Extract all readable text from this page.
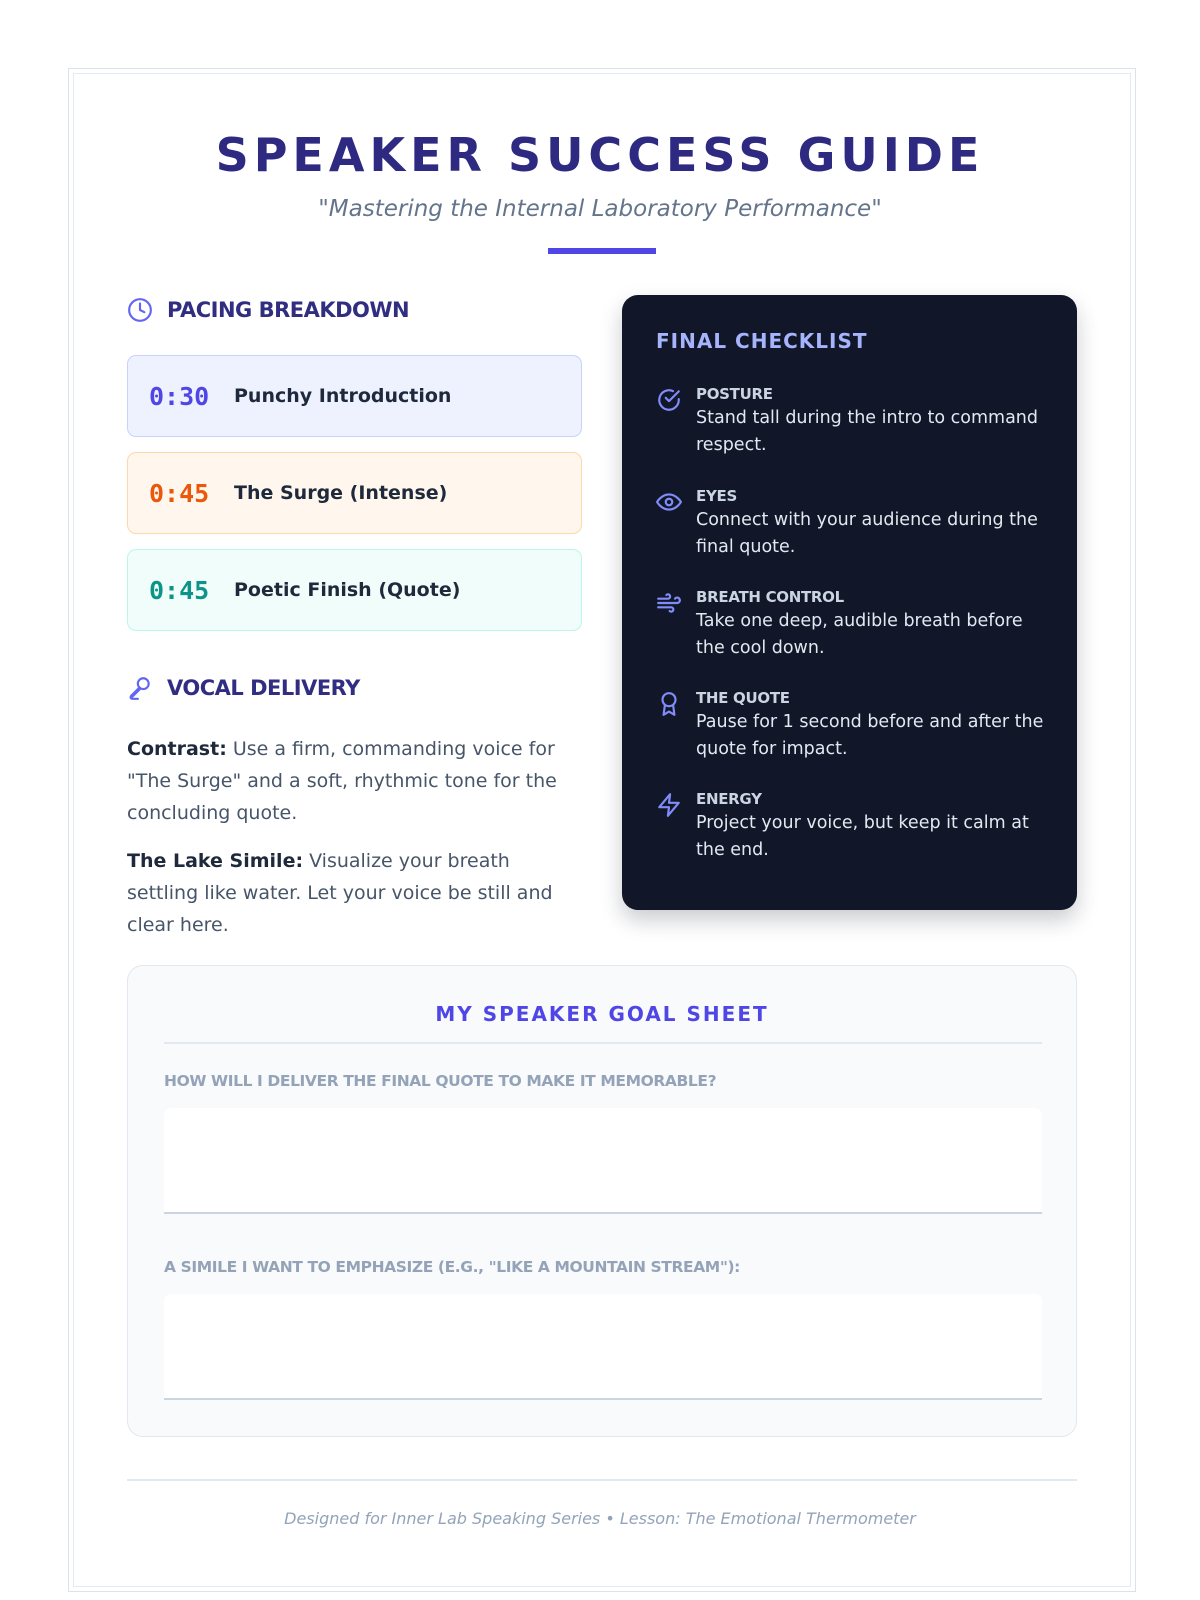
SPEAKER SUCCESS GUIDE
"Mastering the Internal Laboratory Performance"
PACING BREAKDOWN
0:30	Punchy Introduction
0:45	The Surge (Intense)
0:45	Poetic Finish (Quote)
VOCAL DELIVERY

Contrast: Use a firm, commanding voice for "The Surge" and a soft, rhythmic tone for the concluding quote.

The Lake Simile: Visualize your breath settling like water. Let your voice be still and clear here.

FINAL CHECKLIST
POSTURE
Stand tall during the intro to command respect.
EYES
Connect with your audience during the final quote.
BREATH CONTROL
Take one deep, audible breath before the cool down.
THE QUOTE
Pause for 1 second before and after the quote for impact.
ENERGY
Project your voice, but keep it calm at the end.
MY SPEAKER GOAL SHEET
HOW WILL I DELIVER THE FINAL QUOTE TO MAKE IT MEMORABLE?
A SIMILE I WANT TO EMPHASIZE (E.G., "LIKE A MOUNTAIN STREAM"):
Designed for Inner Lab Speaking Series • Lesson: The Emotional Thermometer
